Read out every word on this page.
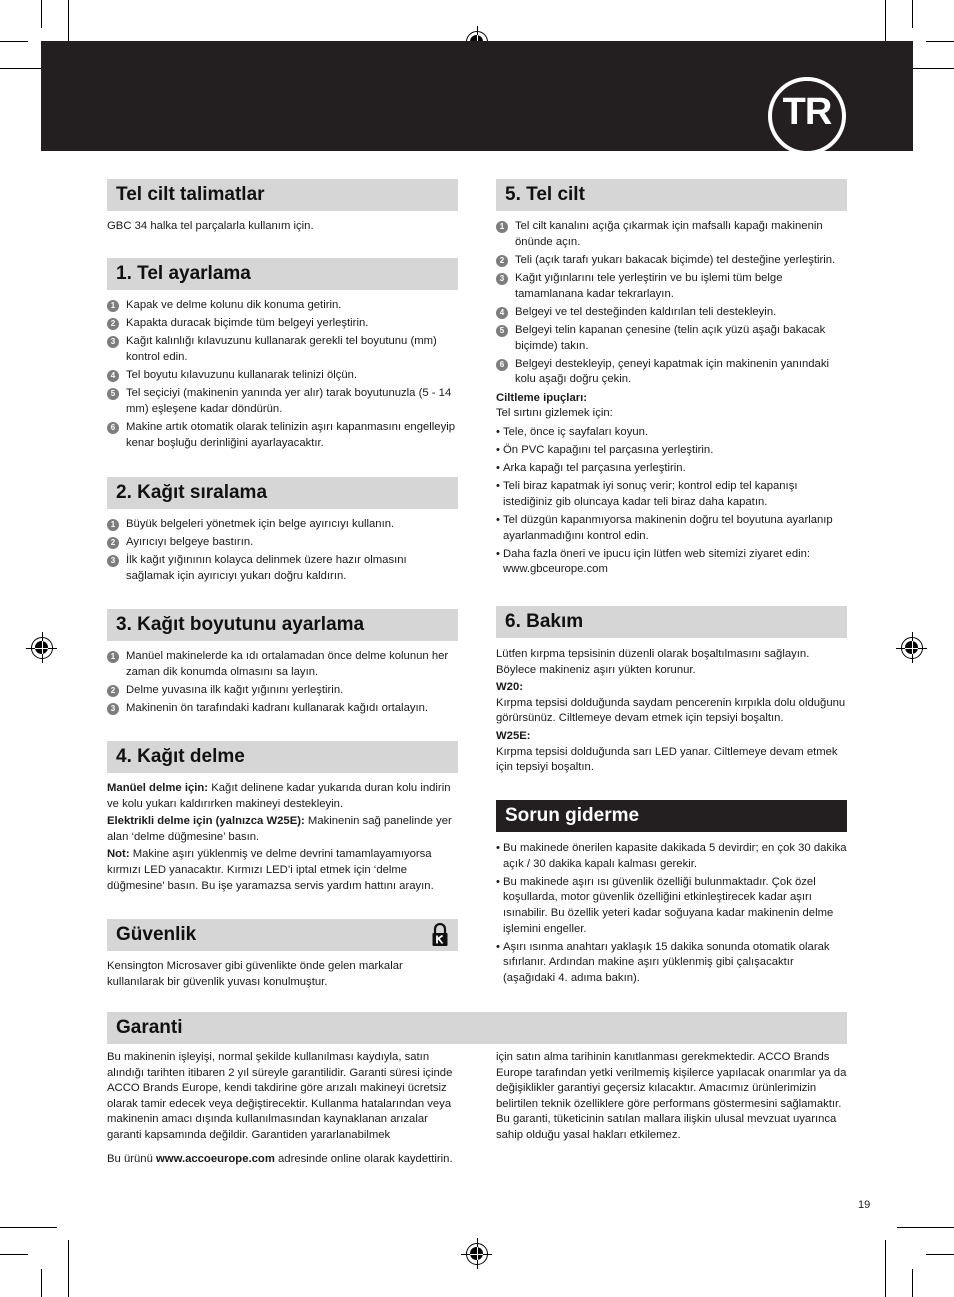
TR
Tel cilt talimatlar
GBC 34 halka tel parçalarla kullanım için.
1. Tel ayarlama
1 Kapak ve delme kolunu dik konuma getirin.
2 Kapakta duracak biçimde tüm belgeyi yerleştirin.
3 Kağıt kalınlığı kılavuzunu kullanarak gerekli tel boyutunu (mm) kontrol edin.
4 Tel boyutu kılavuzunu kullanarak telinizi ölçün.
5 Tel seçiciyi (makinenin yanında yer alır) tarak boyutunuzla (5 - 14 mm) eşleşene kadar döndürün.
6 Makine artık otomatik olarak telinizin aşırı kapanmasını engelleyip kenar boşluğu derinliğini ayarlayacaktır.
2. Kağıt sıralama
1 Büyük belgeleri yönetmek için belge ayırıcıyı kullanın.
2 Ayırıcıyı belgeye bastırın.
3 İlk kağıt yığınının kolayca delinmek üzere hazır olmasını sağlamak için ayırıcıyı yukarı doğru kaldırın.
3. Kağıt boyutunu ayarlama
1 Manüel makinelerde ka ıdı ortalamadan önce delme kolunun her zaman dik konumda olmasını sa layın.
2 Delme yuvasına ilk kağıt yığınını yerleştirin.
3 Makinenin ön tarafındaki kadranı kullanarak kağıdı ortalayın.
4. Kağıt delme
Manüel delme için: Kağıt delinene kadar yukarıda duran kolu indirin ve kolu yukarı kaldırırken makineyi destekleyin.
Elektrikli delme için (yalnızca W25E): Makinenin sağ panelinde yer alan ‘delme düğmesine’ basın.
Not: Makine aşırı yüklenmiş ve delme devrini tamamlayamıyorsa kırmızı LED yanacaktır. Kırmızı LED’i iptal etmek için ‘delme düğmesine’ basın. Bu işe yaramazsa servis yardım hattını arayın.
Güvenlik
Kensington Microsaver gibi güvenlikte önde gelen markalar kullanılarak bir güvenlik yuvası konulmuştur.
5. Tel cilt
1 Tel cilt kanalını açığa çıkarmak için mafsallı kapağı makinenin önünde açın.
2 Teli (açık tarafı yukarı bakacak biçimde) tel desteğine yerleştirin.
3 Kağıt yığınlarını tele yerleştirin ve bu işlemi tüm belge tamamlanana kadar tekrarlayın.
4 Belgeyi ve tel desteğinden kaldırılan teli destekleyin.
5 Belgeyi telin kapanan çenesine (telin açık yüzü aşağı bakacak biçimde) takın.
6 Belgeyi destekleyip, çeneyi kapatmak için makinenin yanındaki kolu aşağı doğru çekin.
Ciltleme ipuçları:
Tel sırtını gizlemek için:
• Tele, önce iç sayfaları koyun.
• Ön PVC kapağını tel parçasına yerleştirin.
• Arka kapağı tel parçasına yerleştirin.
• Teli biraz kapatmak iyi sonuç verir; kontrol edip tel kapanışı istediğiniz gib oluncaya kadar teli biraz daha kapatın.
• Tel düzgün kapanmıyorsa makinenin doğru tel boyutuna ayarlanıp ayarlanmadığını kontrol edin.
• Daha fazla öneri ve ipucu için lütfen web sitemizi ziyaret edin: www.gbceurope.com
6. Bakım
Lütfen kırpma tepsisinin düzenli olarak boşaltılmasını sağlayın. Böylece makineniz aşırı yükten korunur.
W20:
Kırpma tepsisi dolduğunda saydam pencerenin kırpıkla dolu olduğunu görürsünüz. Ciltlemeye devam etmek için tepsiyi boşaltın.
W25E:
Kırpma tepsisi dolduğunda sarı LED yanar. Ciltlemeye devam etmek için tepsiyi boşaltın.
Sorun giderme
• Bu makinede önerilen kapasite dakikada 5 devirdir; en çok 30 dakika açık / 30 dakika kapalı kalması gerekir.
• Bu makinede aşırı ısı güvenlik özelliği bulunmaktadır. Çok özel koşullarda, motor güvenlik özelliğini etkinleştirecek kadar aşırı ısınabilir. Bu özellik yeteri kadar soğuyana kadar makinenin delme işlemini engeller.
• Aşırı ısınma anahtarı yaklaşık 15 dakika sonunda otomatik olarak sıfırlanır. Ardından makine aşırı yüklenmiş gibi çalışacaktır (aşağıdaki 4. adıma bakın).
Garanti
Bu makinenin işleyişi, normal şekilde kullanılması kaydıyla, satın alındığı tarihten itibaren 2 yıl süreyle garantilidir. Garanti süresi içinde ACCO Brands Europe, kendi takdirine göre arızalı makineyi ücretsiz olarak tamir edecek veya değiştirecektir. Kullanma hatalarından veya makinenin amacı dışında kullanılmasından kaynaklanan arızalar garanti kapsamında değildir. Garantiden yararlanabilmek
Bu ürünü www.accoeurope.com adresinde online olarak kaydettirin.
için satın alma tarihinin kanıtlanması gerekmektedir. ACCO Brands Europe tarafından yetki verilmemiş kişilerce yapılacak onarımlar ya da değişiklikler garantiyi geçersiz kılacaktır. Amacımız ürünlerimizin belirtilen teknik özelliklere göre performans göstermesini sağlamaktır. Bu garanti, tüketicinin satılan mallara ilişkin ulusal mevzuat uyarınca sahip olduğu yasal hakları etkilemez.
19
